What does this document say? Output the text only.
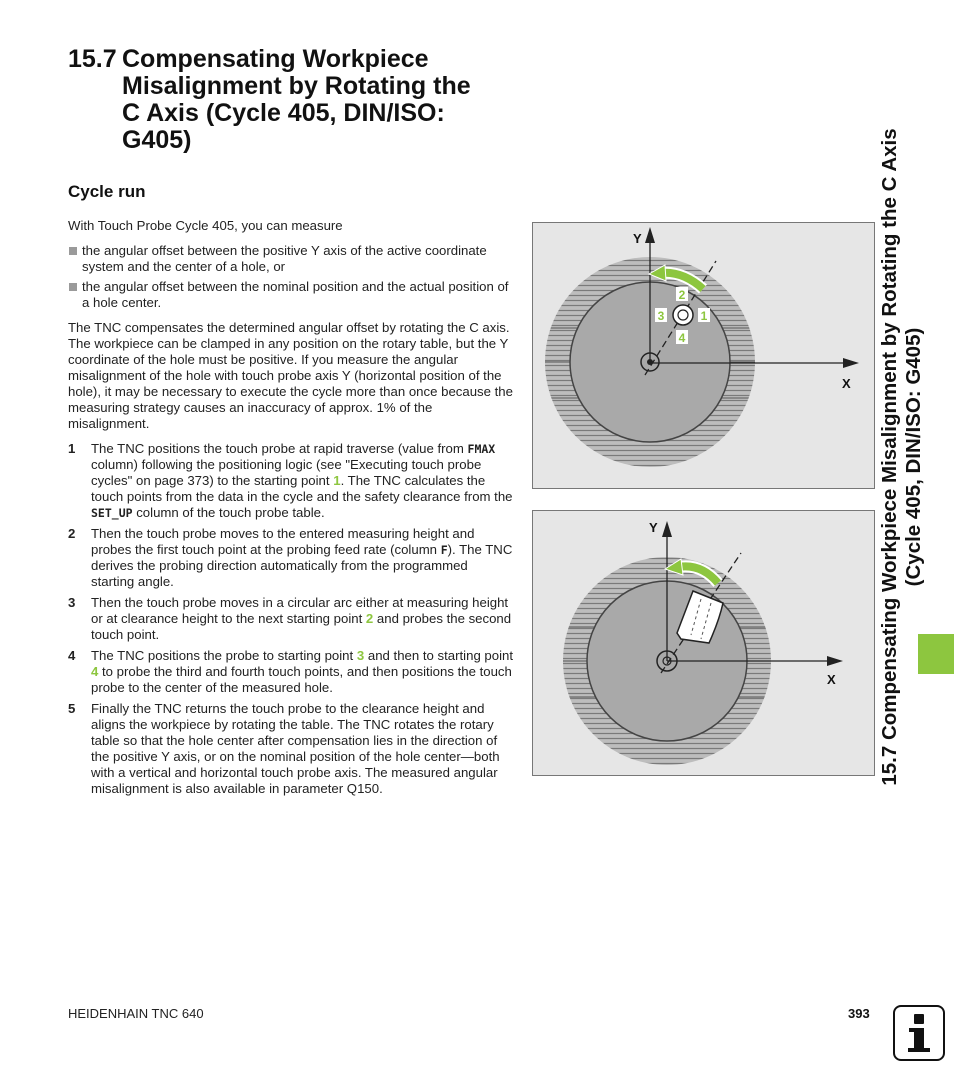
15.7 Compensating Workpiece Misalignment by Rotating the C Axis (Cycle 405, DIN/ISO: G405)
Cycle run

With Touch Probe Cycle 405, you can measure

the angular offset between the positive Y axis of the active coordinate system and the center of a hole, or
the angular offset between the nominal position and the actual position of a hole center.

The TNC compensates the determined angular offset by rotating the C axis. The workpiece can be clamped in any position on the rotary table, but the Y coordinate of the hole must be positive. If you measure the angular misalignment of the hole with touch probe axis Y (horizontal position of the hole), it may be necessary to execute the cycle more than once because the measuring strategy causes an inaccuracy of approx. 1% of the misalignment.

1 The TNC positions the touch probe at rapid traverse (value from FMAX column) following the positioning logic (see "Executing touch probe cycles" on page 373) to the starting point 1. The TNC calculates the touch points from the data in the cycle and the safety clearance from the SET_UP column of the touch probe table.
2 Then the touch probe moves to the entered measuring height and probes the first touch point at the probing feed rate (column F). The TNC derives the probing direction automatically from the programmed starting angle.
3 Then the touch probe moves in a circular arc either at measuring height or at clearance height to the next starting point 2 and probes the second touch point.
4 The TNC positions the probe to starting point 3 and then to starting point 4 to probe the third and fourth touch points, and then positions the touch probe to the center of the measured hole.
5 Finally the TNC returns the touch probe to the clearance height and aligns the workpiece by rotating the table. The TNC rotates the rotary table so that the hole center after compensation lies in the direction of the positive Y axis, or on the nominal position of the hole center—both with a vertical and horizontal touch probe axis. The measured angular misalignment is also available in parameter Q150.
2
3	1
4
Y
X
Y
X 15.7 Compensating Workpiece Misalignment by Rotating the C Axis (Cycle 405, DIN/ISO: G405)
HEIDENHAIN TNC 640	393
